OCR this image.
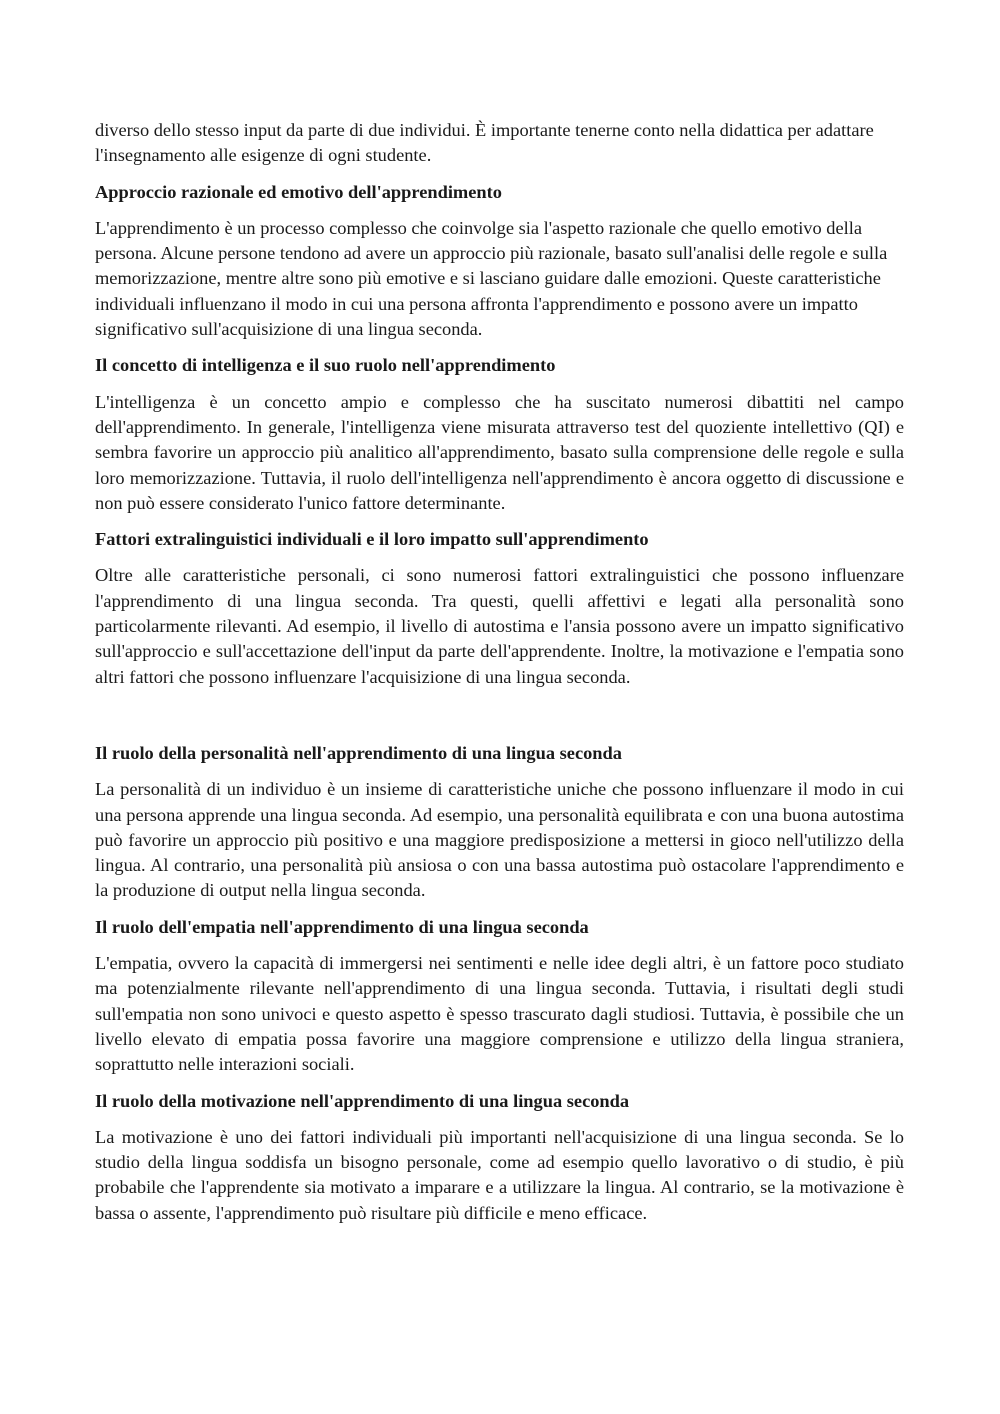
diverso dello stesso input da parte di due individui. È importante tenerne conto nella didattica per adattare l'insegnamento alle esigenze di ogni studente.

Approccio razionale ed emotivo dell'apprendimento

L'apprendimento è un processo complesso che coinvolge sia l'aspetto razionale che quello emotivo della persona. Alcune persone tendono ad avere un approccio più razionale, basato sull'analisi delle regole e sulla memorizzazione, mentre altre sono più emotive e si lasciano guidare dalle emozioni. Queste caratteristiche individuali influenzano il modo in cui una persona affronta l'apprendimento e possono avere un impatto significativo sull'acquisizione di una lingua seconda.

Il concetto di intelligenza e il suo ruolo nell'apprendimento

L'intelligenza è un concetto ampio e complesso che ha suscitato numerosi dibattiti nel campo dell'apprendimento. In generale, l'intelligenza viene misurata attraverso test del quoziente intellettivo (QI) e sembra favorire un approccio più analitico all'apprendimento, basato sulla comprensione delle regole e sulla loro memorizzazione. Tuttavia, il ruolo dell'intelligenza nell'apprendimento è ancora oggetto di discussione e non può essere considerato l'unico fattore determinante.

Fattori extralinguistici individuali e il loro impatto sull'apprendimento

Oltre alle caratteristiche personali, ci sono numerosi fattori extralinguistici che possono influenzare l'apprendimento di una lingua seconda. Tra questi, quelli affettivi e legati alla personalità sono particolarmente rilevanti. Ad esempio, il livello di autostima e l'ansia possono avere un impatto significativo sull'approccio e sull'accettazione dell'input da parte dell'apprendente. Inoltre, la motivazione e l'empatia sono altri fattori che possono influenzare l'acquisizione di una lingua seconda.

Il ruolo della personalità nell'apprendimento di una lingua seconda

La personalità di un individuo è un insieme di caratteristiche uniche che possono influenzare il modo in cui una persona apprende una lingua seconda. Ad esempio, una personalità equilibrata e con una buona autostima può favorire un approccio più positivo e una maggiore predisposizione a mettersi in gioco nell'utilizzo della lingua. Al contrario, una personalità più ansiosa o con una bassa autostima può ostacolare l'apprendimento e la produzione di output nella lingua seconda.

Il ruolo dell'empatia nell'apprendimento di una lingua seconda

L'empatia, ovvero la capacità di immergersi nei sentimenti e nelle idee degli altri, è un fattore poco studiato ma potenzialmente rilevante nell'apprendimento di una lingua seconda. Tuttavia, i risultati degli studi sull'empatia non sono univoci e questo aspetto è spesso trascurato dagli studiosi. Tuttavia, è possibile che un livello elevato di empatia possa favorire una maggiore comprensione e utilizzo della lingua straniera, soprattutto nelle interazioni sociali.

Il ruolo della motivazione nell'apprendimento di una lingua seconda

La motivazione è uno dei fattori individuali più importanti nell'acquisizione di una lingua seconda. Se lo studio della lingua soddisfa un bisogno personale, come ad esempio quello lavorativo o di studio, è più probabile che l'apprendente sia motivato a imparare e a utilizzare la lingua. Al contrario, se la motivazione è bassa o assente, l'apprendimento può risultare più difficile e meno efficace.
